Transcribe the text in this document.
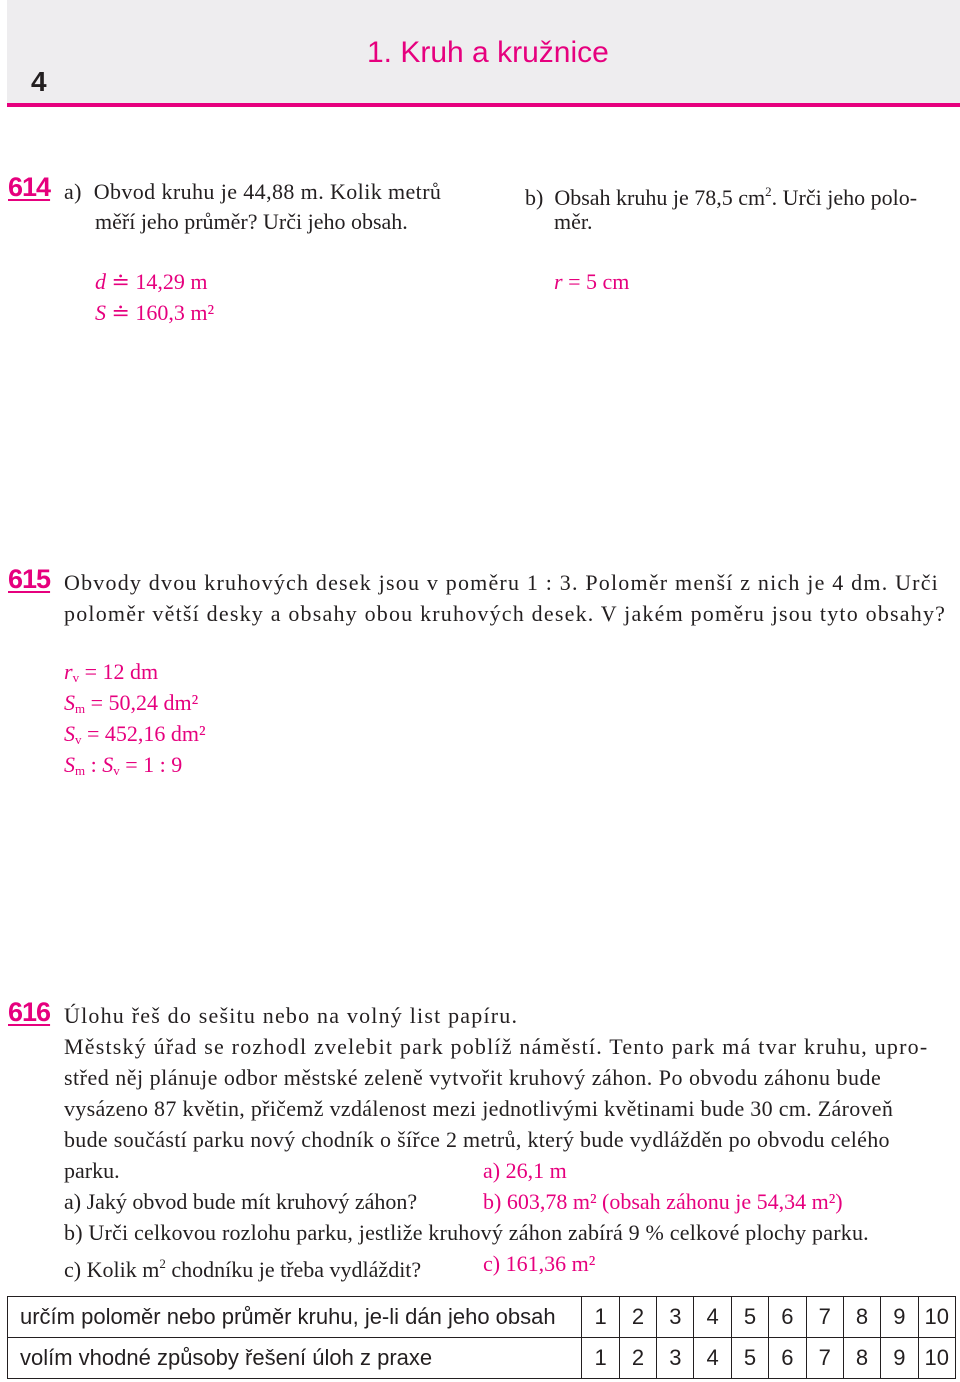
4
1. Kruh a kružnice
614 a)  Obvod kruhu je 44,88 m. Kolik metrů
měří jeho průměr? Urči jeho obsah.
d ≐ 14,29 m
S ≐ 160,3 m²
b)  Obsah kruhu je 78,5 $cm^2$. Urči jeho polo-
měr.
r = 5 cm
615 Obvody dvou kruhových desek jsou v poměru 1 : 3. Poloměr menší z nich je 4 dm. Urči
poloměr větší desky a obsahy obou kruhových desek. V jakém poměru jsou tyto obsahy?
$r_v = 12$ dm
$S_m = 50,24$ dm²
$S_v = 452,16$ dm²
$S_m$ : $S_v = 1$ : 9
616 Úlohu řeš do sešitu nebo na volný list papíru.
Městský úřad se rozhodl zvelebit park poblíž náměstí. Tento park má tvar kruhu, upro-
střed něj plánuje odbor městské zeleně vytvořit kruhový záhon. Po obvodu záhonu bude
vysázeno 87 květin, přičemž vzdálenost mezi jednotlivými květinami bude 30 cm. Zároveň
bude součástí parku nový chodník o šířce 2 metrů, který bude vydlážděn po obvodu celého
parku.	a) 26,1 m
a) Jaký obvod bude mít kruhový záhon?	b) 603,78 m² (obsah záhonu je 54,34 m²)
b) Urči celkovou rozlohu parku, jestliže kruhový záhon zabírá 9 % celkové plochy parku.
c) Kolik $m^2$ chodníku je třeba vydláždit?	c) 161,36 m²
určím poloměr nebo průměr kruhu, je-li dán jeho obsah	1	2	3	4	5	6	7	8	9	10
volím vhodné způsoby řešení úloh z praxe	1	2	3	4	5	6	7	8	9	10
